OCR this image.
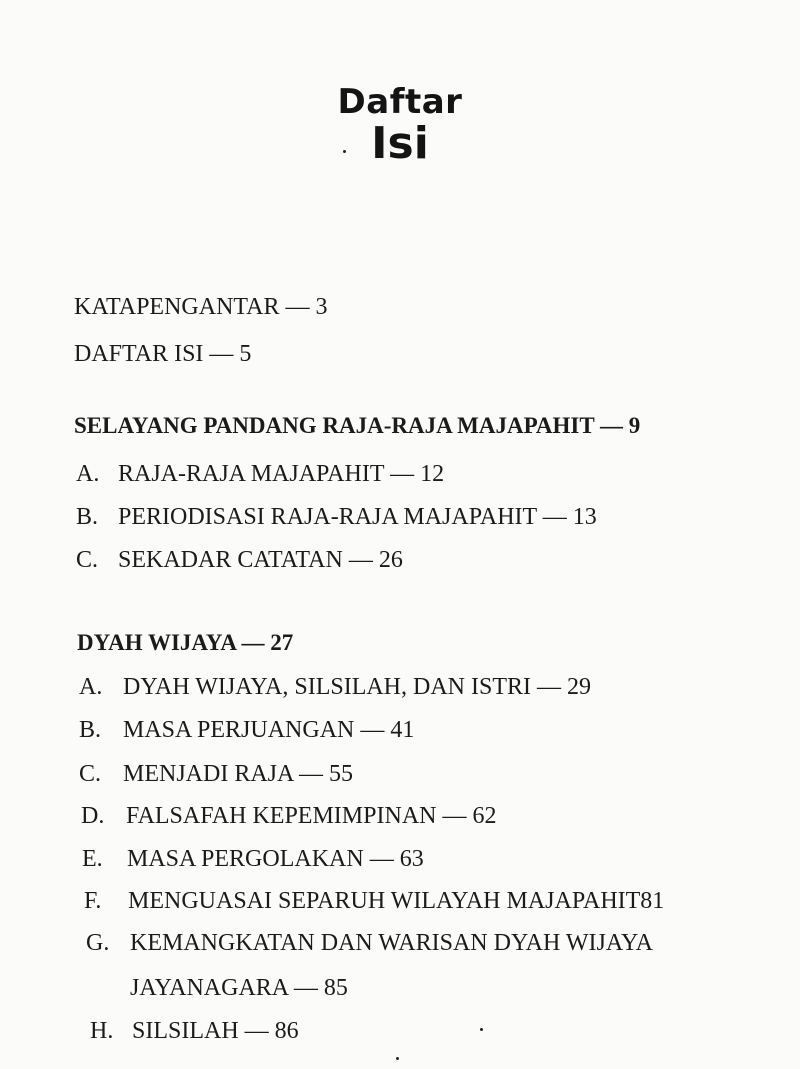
Daftar
Isi
KATAPENGANTAR — 3
DAFTAR ISI — 5
SELAYANG PANDANG RAJA-RAJA MAJAPAHIT — 9
A. RAJA-RAJA MAJAPAHIT — 12
B. PERIODISASI RAJA-RAJA MAJAPAHIT — 13
C. SEKADAR CATATAN — 26
DYAH WIJAYA — 27
A. DYAH WIJAYA, SILSILAH, DAN ISTRI — 29
B. MASA PERJUANGAN — 41
C. MENJADI RAJA — 55
D. FALSAFAH KEPEMIMPINAN — 62
E. MASA PERGOLAKAN — 63
F. MENGUASAI SEPARUH WILAYAH MAJAPAHIT81
G. KEMANGKATAN DAN WARISAN DYAH WIJAYA
JAYANAGARA — 85
H. SILSILAH — 86
